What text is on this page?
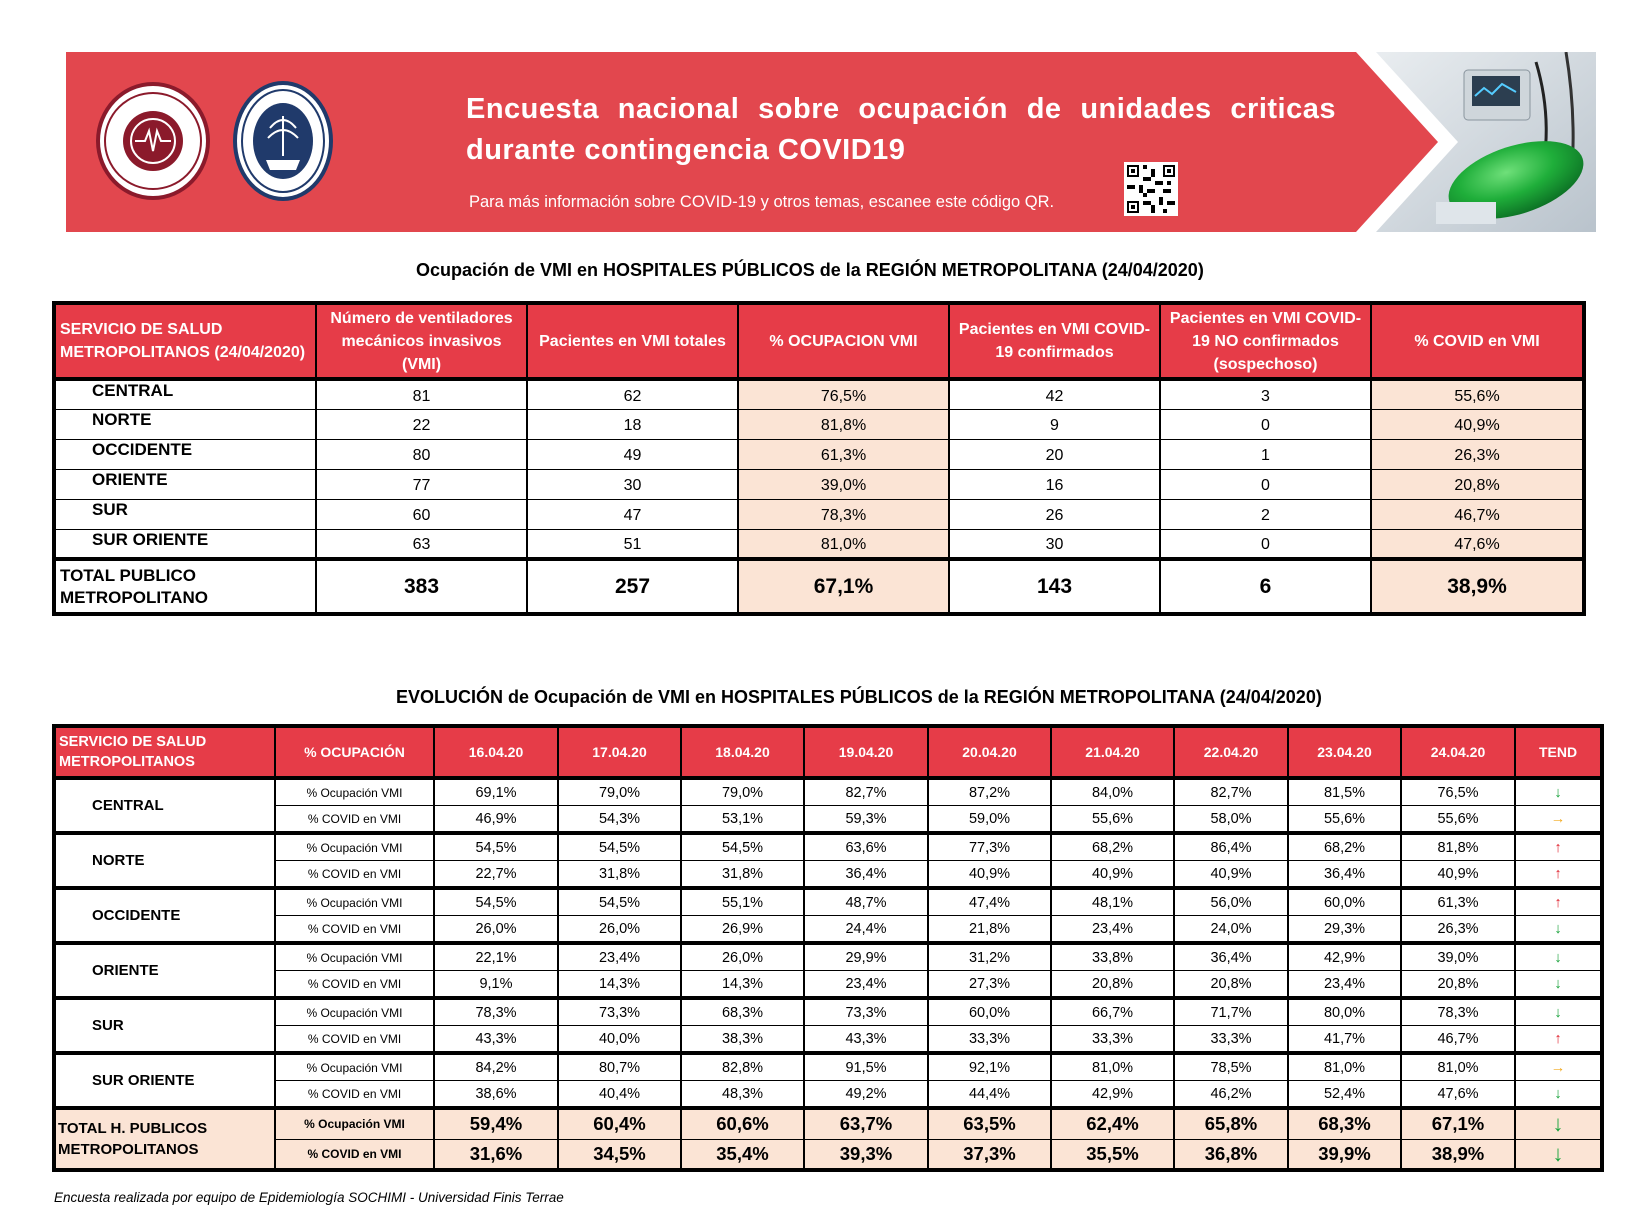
Encuesta nacional sobre ocupación de unidades criticas durante contingencia COVID19
Para más información sobre COVID-19 y otros temas, escanee este código QR.
Ocupación de VMI en HOSPITALES PÚBLICOS de la REGIÓN METROPOLITANA (24/04/2020)
SERVICIO DE SALUD METROPOLITANOS (24/04/2020)	Número de ventiladores mecánicos invasivos (VMI)	Pacientes en VMI totales	% OCUPACION VMI	Pacientes en VMI COVID-19 confirmados	Pacientes en VMI COVID-19 NO confirmados (sospechoso)	% COVID en VMI
CENTRAL	81	62	76,5%	42	3	55,6%
NORTE	22	18	81,8%	9	0	40,9%
OCCIDENTE	80	49	61,3%	20	1	26,3%
ORIENTE	77	30	39,0%	16	0	20,8%
SUR	60	47	78,3%	26	2	46,7%
SUR ORIENTE	63	51	81,0%	30	0	47,6%
TOTAL PUBLICO METROPOLITANO	383	257	67,1%	143	6	38,9%
EVOLUCIÓN de Ocupación de VMI en HOSPITALES PÚBLICOS de la REGIÓN METROPOLITANA (24/04/2020)
SERVICIO DE SALUD METROPOLITANOS	% OCUPACIÓN	16.04.20	17.04.20	18.04.20	19.04.20	20.04.20	21.04.20	22.04.20	23.04.20	24.04.20	TEND
CENTRAL	% Ocupación VMI	69,1%	79,0%	79,0%	82,7%	87,2%	84,0%	82,7%	81,5%	76,5%	↓
	% COVID en VMI	46,9%	54,3%	53,1%	59,3%	59,0%	55,6%	58,0%	55,6%	55,6%	→
NORTE	% Ocupación VMI	54,5%	54,5%	54,5%	63,6%	77,3%	68,2%	86,4%	68,2%	81,8%	↑
	% COVID en VMI	22,7%	31,8%	31,8%	36,4%	40,9%	40,9%	40,9%	36,4%	40,9%	↑
OCCIDENTE	% Ocupación VMI	54,5%	54,5%	55,1%	48,7%	47,4%	48,1%	56,0%	60,0%	61,3%	↑
	% COVID en VMI	26,0%	26,0%	26,9%	24,4%	21,8%	23,4%	24,0%	29,3%	26,3%	↓
ORIENTE	% Ocupación VMI	22,1%	23,4%	26,0%	29,9%	31,2%	33,8%	36,4%	42,9%	39,0%	↓
	% COVID en VMI	9,1%	14,3%	14,3%	23,4%	27,3%	20,8%	20,8%	23,4%	20,8%	↓
SUR	% Ocupación VMI	78,3%	73,3%	68,3%	73,3%	60,0%	66,7%	71,7%	80,0%	78,3%	↓
	% COVID en VMI	43,3%	40,0%	38,3%	43,3%	33,3%	33,3%	33,3%	41,7%	46,7%	↑
SUR ORIENTE	% Ocupación VMI	84,2%	80,7%	82,8%	91,5%	92,1%	81,0%	78,5%	81,0%	81,0%	→
	% COVID en VMI	38,6%	40,4%	48,3%	49,2%	44,4%	42,9%	46,2%	52,4%	47,6%	↓
TOTAL H. PUBLICOS METROPOLITANOS	% Ocupación VMI	59,4%	60,4%	60,6%	63,7%	63,5%	62,4%	65,8%	68,3%	67,1%	↓
	% COVID en VMI	31,6%	34,5%	35,4%	39,3%	37,3%	35,5%	36,8%	39,9%	38,9%	↓
Encuesta realizada por equipo de Epidemiología SOCHIMI - Universidad Finis Terrae
